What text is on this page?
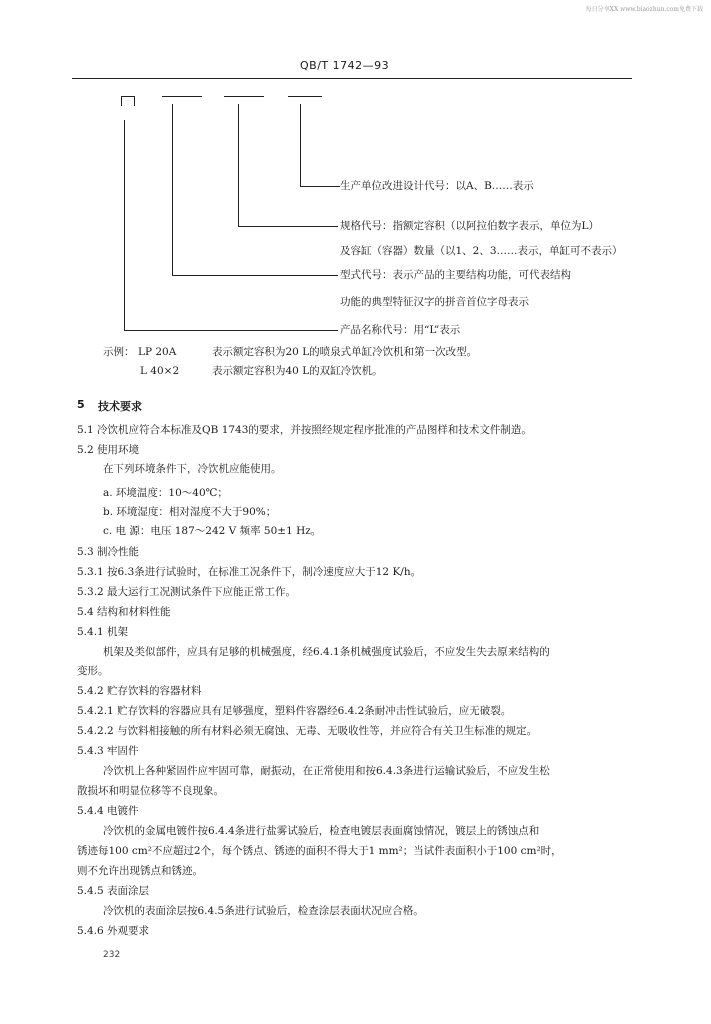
每日分享XX www.biaozhun.com免费下载
QB/T 1742—93
生产单位改进设计代号：以A、B……表示
规格代号：指额定容积（以阿拉伯数字表示，单位为L）
及容缸（容器）数量（以1、2、3……表示，单缸可不表示）
型式代号：表示产品的主要结构功能，可代表结构
功能的典型特征汉字的拼音首位字母表示
产品名称代号：用“L”表示
示例： LP 20A	表示额定容积为20 L的喷泉式单缸冷饮机和第一次改型。
L 40×2	表示额定容积为40 L的双缸冷饮机。
5 技术要求
5.1 冷饮机应符合本标准及QB 1743的要求，并按照经规定程序批准的产品图样和技术文件制造。
5.2 使用环境
在下列环境条件下，冷饮机应能使用。
a. 环境温度：10～40℃；
b. 环境湿度：相对湿度不大于90%；
c. 电 源：电压 187～242 V 频率 50±1 Hz。
5.3 制冷性能
5.3.1 按6.3条进行试验时，在标准工况条件下，制冷速度应大于12 K/h。
5.3.2 最大运行工况测试条件下应能正常工作。
5.4 结构和材料性能
5.4.1 机架
机架及类似部件，应具有足够的机械强度，经6.4.1条机械强度试验后，不应发生失去原来结构的
变形。
5.4.2 贮存饮料的容器材料
5.4.2.1 贮存饮料的容器应具有足够强度，塑料件容器经6.4.2条耐冲击性试验后，应无破裂。
5.4.2.2 与饮料相接触的所有材料必须无腐蚀、无毒、无吸收性等，并应符合有关卫生标准的规定。
5.4.3 牢固件
冷饮机上各种紧固件应牢固可靠，耐振动，在正常使用和按6.4.3条进行运输试验后，不应发生松
散损坏和明显位移等不良现象。
5.4.4 电镀件
冷饮机的金属电镀件按6.4.4条进行盐雾试验后，检查电镀层表面腐蚀情况，镀层上的锈蚀点和
锈迹每100 cm²不应超过2个，每个锈点、锈迹的面积不得大于1 mm²；当试件表面积小于100 cm²时，
则不允许出现锈点和锈迹。
5.4.5 表面涂层
冷饮机的表面涂层按6.4.5条进行试验后，检查涂层表面状况应合格。
5.4.6 外观要求
232
